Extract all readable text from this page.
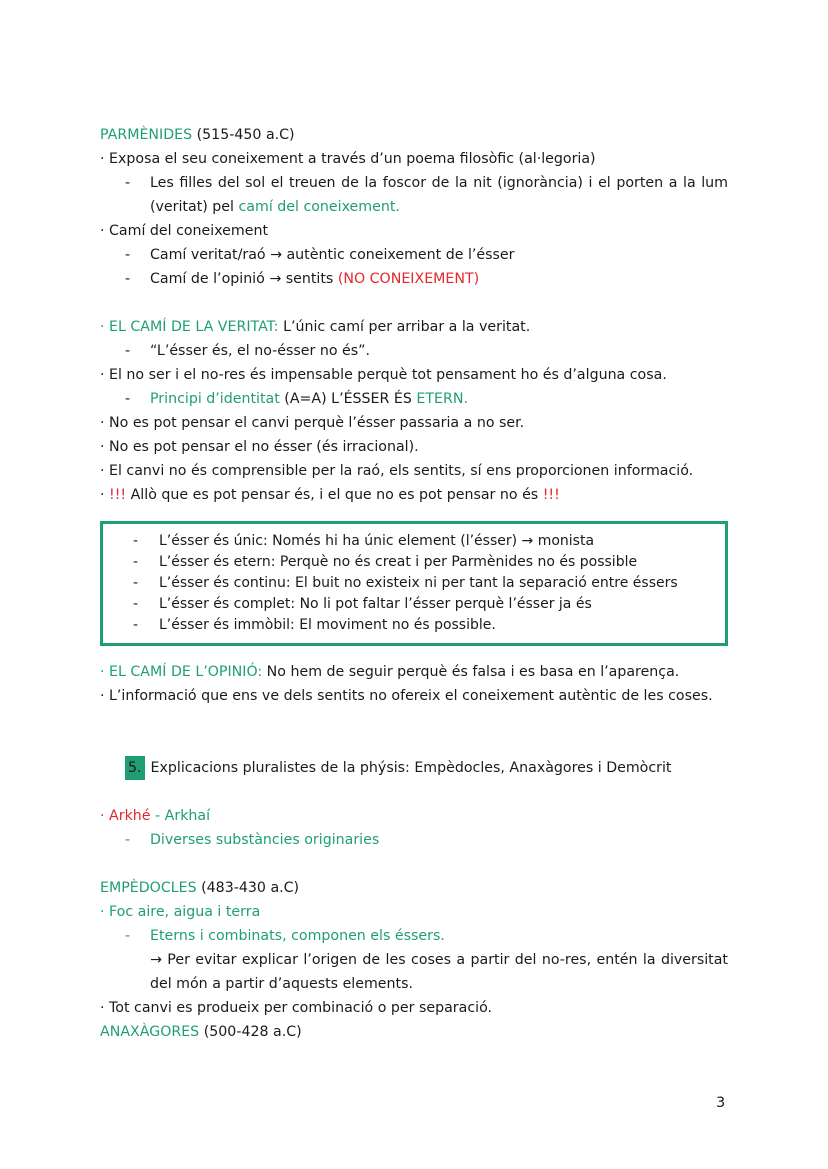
PARMÈNIDES (515-450 a.C)
· Exposa el seu coneixement a través d’un poema filosòfic (al·legoria)
-	Les filles del sol el treuen de la foscor de la nit (ignorància) i el porten a la lum (veritat) pel camí del coneixement.
· Camí del coneixement
- Camí veritat/raó → autèntic coneixement de l’ésser
- Camí de l’opinió → sentits (NO CONEIXEMENT)
· EL CAMÍ DE LA VERITAT: L’únic camí per arribar a la veritat.
- “L’ésser és, el no-ésser no és”.
· El no ser i el no-res és impensable perquè tot pensament ho és d’alguna cosa.
- Principi d’identitat (A=A) L’ÉSSER ÉS ETERN.
· No es pot pensar el canvi perquè l’ésser passaria a no ser.
· No es pot pensar el no ésser (és irracional).
· El canvi no és comprensible per la raó, els sentits, sí ens proporcionen informació.
· !!! Allò que es pot pensar és, i el que no es pot pensar no és !!!
- L’ésser és únic: Només hi ha únic element (l’ésser) → monista
- L’ésser és etern: Perquè no és creat i per Parmènides no és possible
- L’ésser és continu: El buit no existeix ni per tant la separació entre éssers
- L’ésser és complet: No li pot faltar l’ésser perquè l’ésser ja és
- L’ésser és immòbil: El moviment no és possible.
· EL CAMÍ DE L’OPINIÓ: No hem de seguir perquè és falsa i es basa en l’aparença.
· L’informació que ens ve dels sentits no ofereix el coneixement autèntic de les coses.
5. Explicacions pluralistes de la phýsis: Empèdocles, Anaxàgores i Demòcrit
· Arkhé - Arkhaí
- Diverses substàncies originaries
EMPÈDOCLES (483-430 a.C)
· Foc aire, aigua i terra
- Eterns i combinats, componen els éssers.
→ Per evitar explicar l’origen de les coses a partir del no-res, entén la diversitat del món a partir d’aquests elements.
· Tot canvi es produeix per combinació o per separació.
ANAXÀGORES (500-428 a.C)
3
